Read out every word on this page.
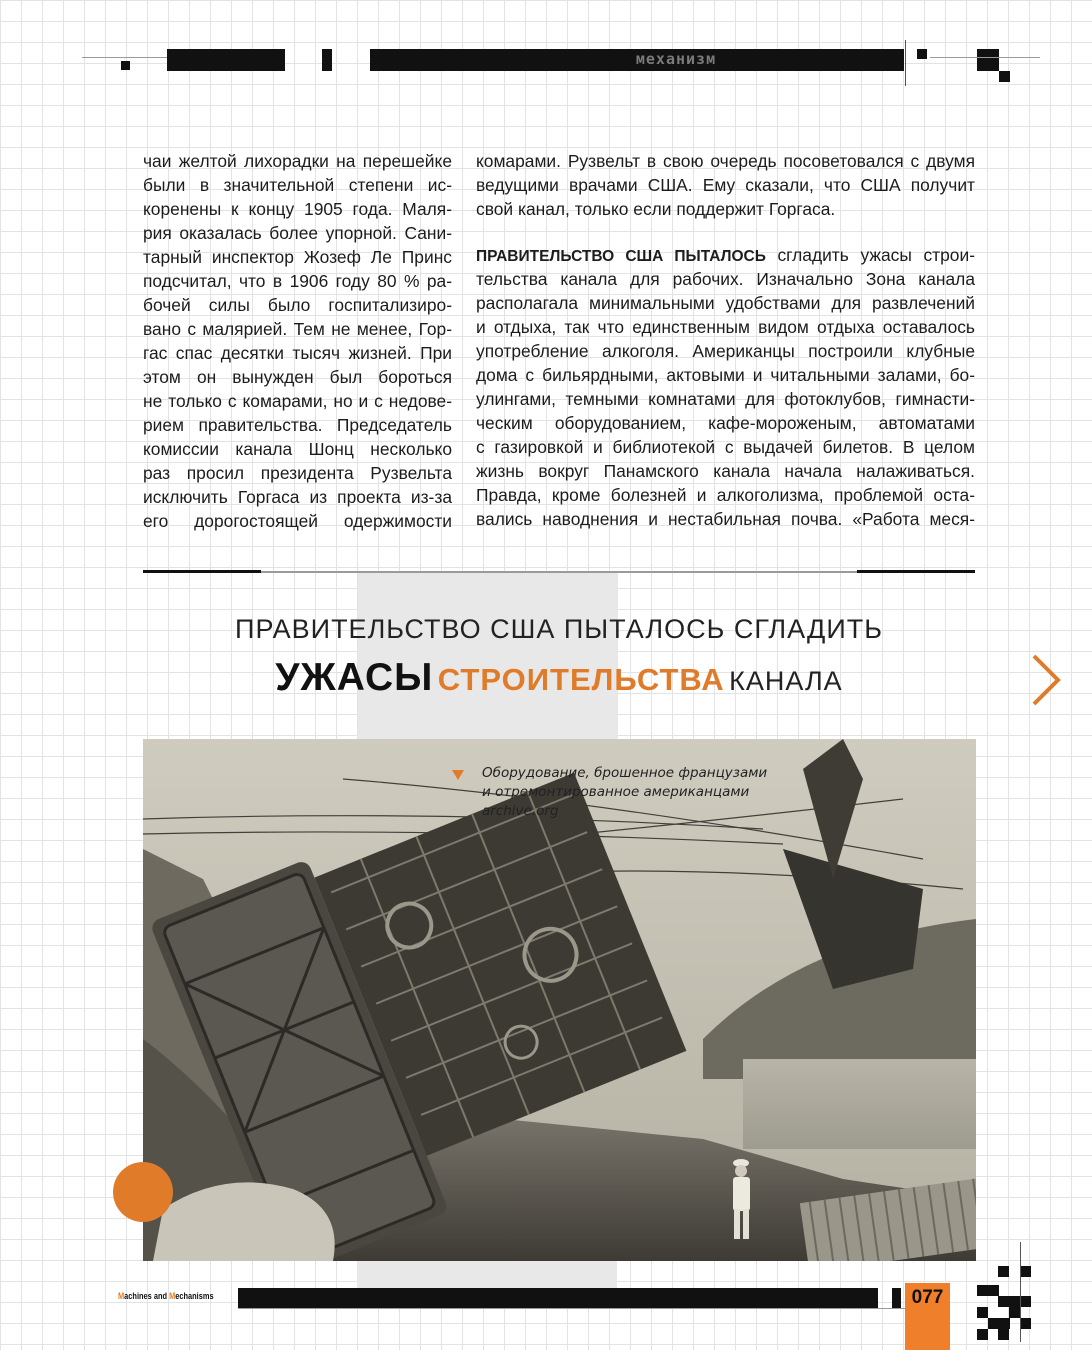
механизм
чаи желтой лихорадки на перешейке
были в значительной степени ис-
коренены к концу 1905 года. Маля-
рия оказалась более упорной. Сани-
тарный инспектор Жозеф Ле Принс
подсчитал, что в 1906 году 80 % ра-
бочей силы было госпитализиро-
вано с малярией. Тем не менее, Гор-
гас спас десятки тысяч жизней. При
этом он вынужден был бороться
не только с комарами, но и с недове-
рием правительства. Председатель
комиссии канала Шонц несколько
раз просил президента Рузвельта
исключить Горгаса из проекта из-за
его дорогостоящей одержимости
комарами. Рузвельт в свою очередь посоветовался с двумя
ведущими врачами США. Ему сказали, что США получит
свой канал, только если поддержит Горгаса.
ПРАВИТЕЛЬСТВО США ПЫТАЛОСЬ сгладить ужасы строи-
тельства канала для рабочих. Изначально Зона канала
располагала минимальными удобствами для развлечений
и отдыха, так что единственным видом отдыха оставалось
употребление алкоголя. Американцы построили клубные
дома с бильярдными, актовыми и читальными залами, бо-
улингами, темными комнатами для фотоклубов, гимнасти-
ческим оборудованием, кафе-мороженым, автоматами
с газировкой и библиотекой с выдачей билетов. В целом
жизнь вокруг Панамского канала начала налаживаться.
Правда, кроме болезней и алкоголизма, проблемой оста-
вались наводнения и нестабильная почва. «Работа меся-
ПРАВИТЕЛЬСТВО США ПЫТАЛОСЬ СГЛАДИТЬ
УЖАСЫ СТРОИТЕЛЬСТВА КАНАЛА
Оборудование, брошенное французами
и отремонтированное американцами
archive.org
Machines and Mechanisms	077
